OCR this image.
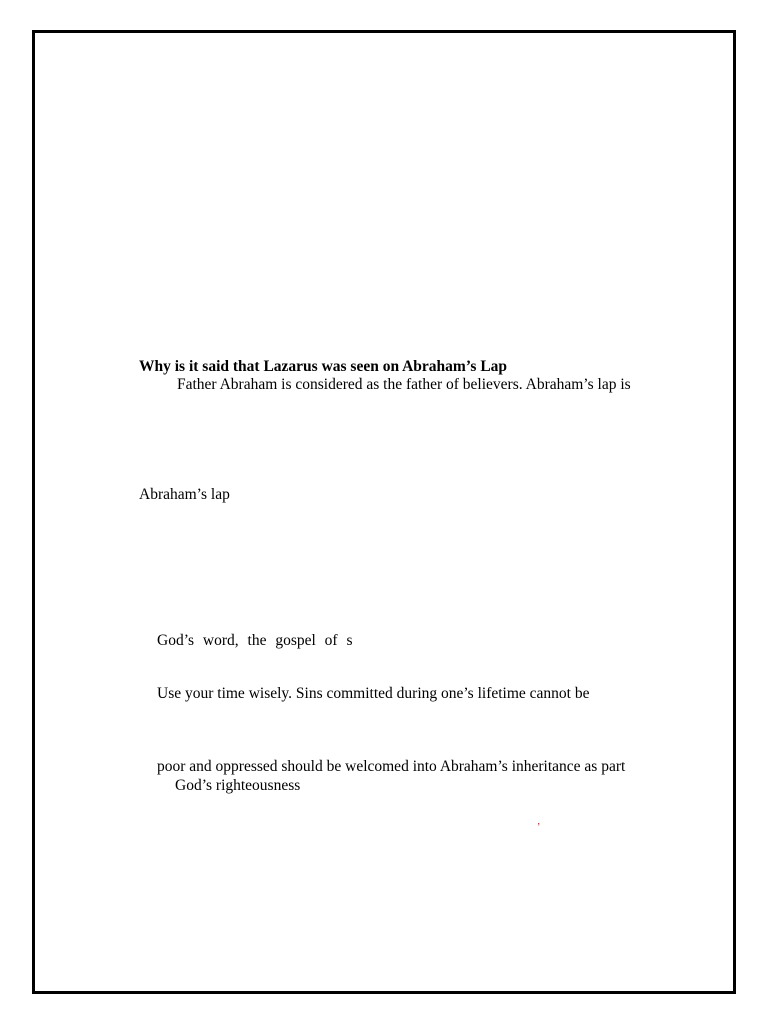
Why is it said that Lazarus was seen on Abraham’s Lap
Father Abraham is considered as the father of believers. Abraham’s lap is
Abraham’s lap
God’s word, the gospel of s
Use your time wisely. Sins committed during one’s lifetime cannot be
poor and oppressed should be welcomed into Abraham’s inheritance as part
God’s righteousness
’
